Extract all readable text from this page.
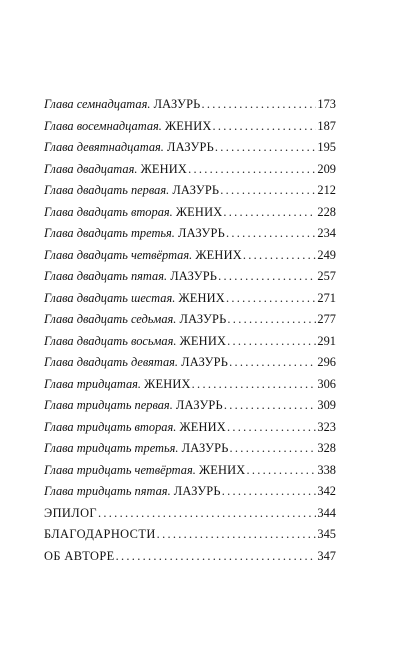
Глава семнадцатая. ЛАЗУРЬ . . .	173
Глава восемнадцатая. ЖЕНИХ . . .	187
Глава девятнадцатая. ЛАЗУРЬ . . .	195
Глава двадцатая. ЖЕНИХ . . .	209
Глава двадцать первая. ЛАЗУРЬ . . .	212
Глава двадцать вторая. ЖЕНИХ . . .	228
Глава двадцать третья. ЛАЗУРЬ . . .	234
Глава двадцать четвёртая. ЖЕНИХ . . .	249
Глава двадцать пятая. ЛАЗУРЬ . . .	257
Глава двадцать шестая. ЖЕНИХ . . .	271
Глава двадцать седьмая. ЛАЗУРЬ . . .	277
Глава двадцать восьмая. ЖЕНИХ . . .	291
Глава двадцать девятая. ЛАЗУРЬ . . .	296
Глава тридцатая. ЖЕНИХ . . .	306
Глава тридцать первая. ЛАЗУРЬ . . .	309
Глава тридцать вторая. ЖЕНИХ . . .	323
Глава тридцать третья. ЛАЗУРЬ . . .	328
Глава тридцать четвёртая. ЖЕНИХ . . .	338
Глава тридцать пятая. ЛАЗУРЬ . . .	342
ЭПИЛОГ . . .	344
БЛАГОДАРНОСТИ . . .	345
ОБ АВТОРЕ . . .	347
